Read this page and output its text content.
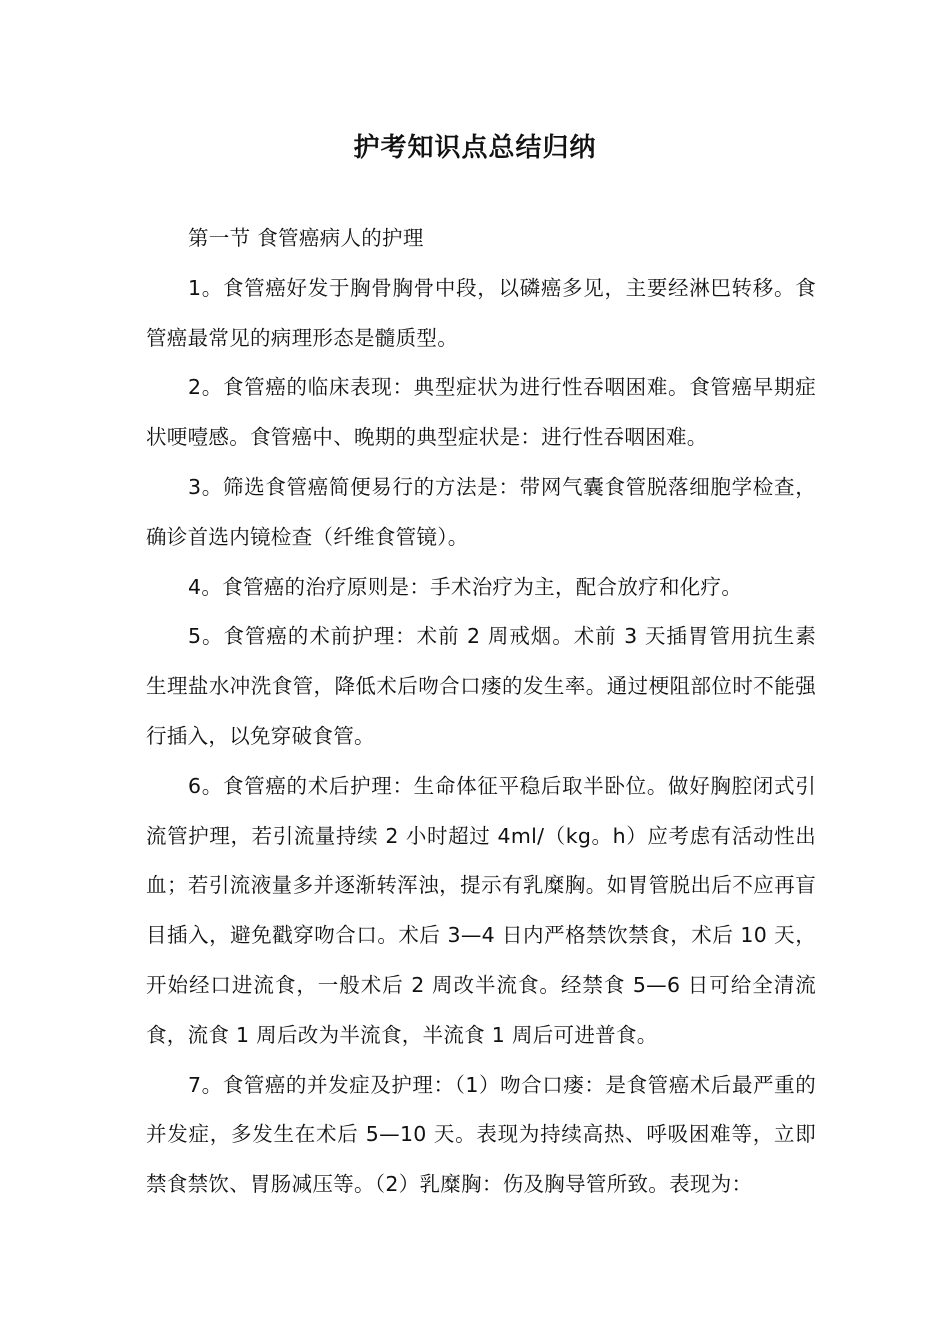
护考知识点总结归纳

第一节 食管癌病人的护理

1。食管癌好发于胸骨胸骨中段，以磷癌多见，主要经淋巴转移。食管癌最常见的病理形态是髓质型。

2。食管癌的临床表现：典型症状为进行性吞咽困难。食管癌早期症状哽噎感。食管癌中、晚期的典型症状是：进行性吞咽困难。

3。筛选食管癌简便易行的方法是：带网气囊食管脱落细胞学检查，确诊首选内镜检查（纤维食管镜）。

4。食管癌的治疗原则是：手术治疗为主，配合放疗和化疗。

5。食管癌的术前护理：术前 2 周戒烟。术前 3 天插胃管用抗生素生理盐水冲洗食管，降低术后吻合口瘘的发生率。通过梗阻部位时不能强行插入，以免穿破食管。

6。食管癌的术后护理：生命体征平稳后取半卧位。做好胸腔闭式引流管护理，若引流量持续 2 小时超过 4ml/（kg。h）应考虑有活动性出血；若引流液量多并逐渐转浑浊，提示有乳糜胸。如胃管脱出后不应再盲目插入，避免戳穿吻合口。术后 3—4 日内严格禁饮禁食，术后 10 天，开始经口进流食，一般术后 2 周改半流食。经禁食 5—6 日可给全清流食，流食 1 周后改为半流食，半流食 1 周后可进普食。

7。食管癌的并发症及护理：（1）吻合口瘘：是食管癌术后最严重的并发症，多发生在术后 5—10 天。表现为持续高热、呼吸困难等，立即禁食禁饮、胃肠减压等。（2）乳糜胸：伤及胸导管所致。表现为：
